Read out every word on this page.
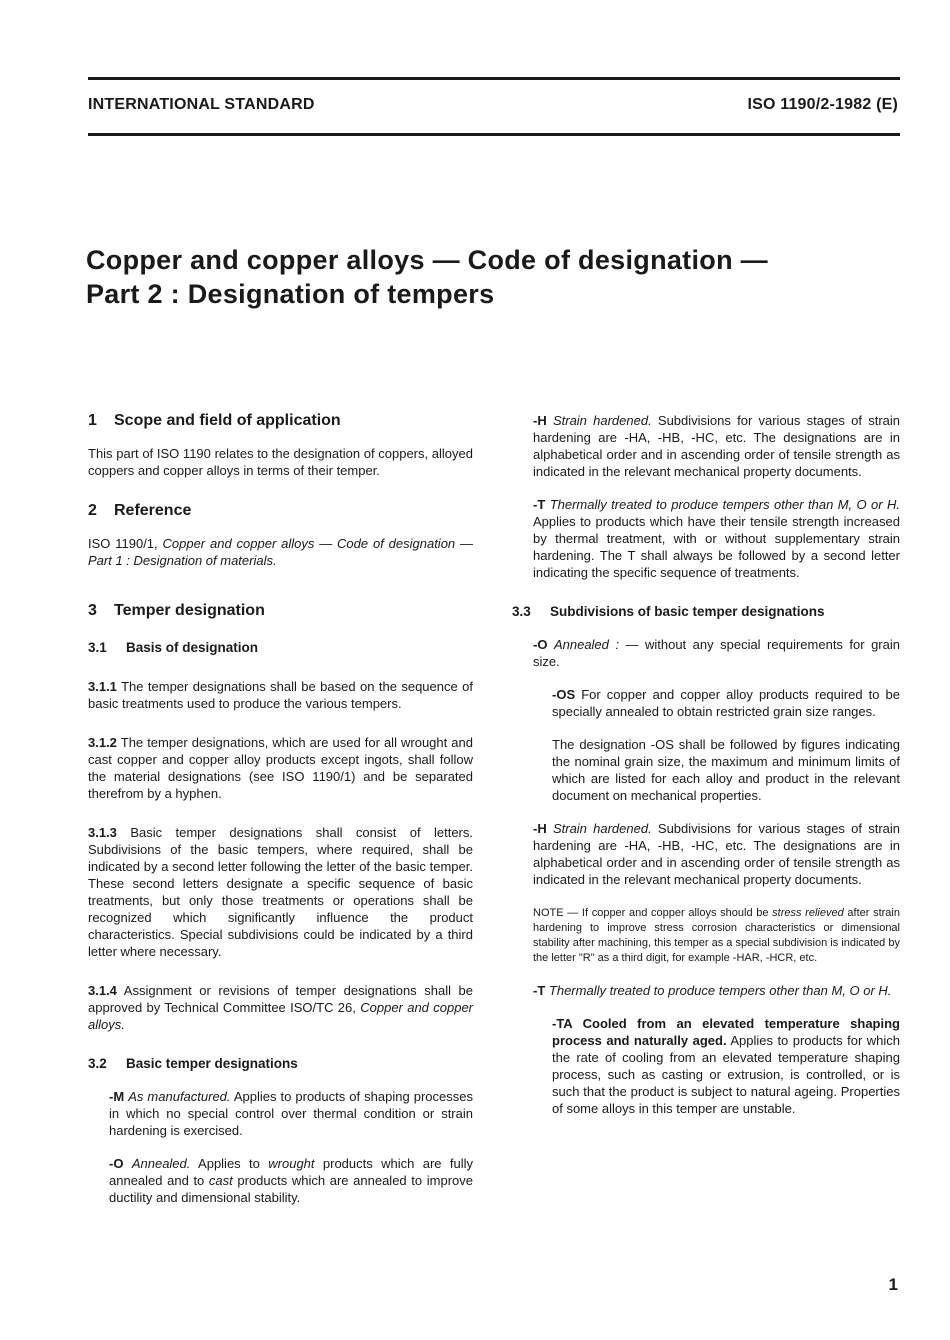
INTERNATIONAL STANDARD	ISO 1190/2-1982 (E)
Copper and copper alloys — Code of designation —
Part 2 : Designation of tempers
1 Scope and field of application

This part of ISO 1190 relates to the designation of coppers, alloyed coppers and copper alloys in terms of their temper.

2 Reference

ISO 1190/1, Copper and copper alloys — Code of designation — Part 1 : Designation of materials.

3 Temper designation
3.1 Basis of designation

3.1.1 The temper designations shall be based on the sequence of basic treatments used to produce the various tempers.

3.1.2 The temper designations, which are used for all wrought and cast copper and copper alloy products except ingots, shall follow the material designations (see ISO 1190/1) and be separated therefrom by a hyphen.

3.1.3 Basic temper designations shall consist of letters. Subdivisions of the basic tempers, where required, shall be indicated by a second letter following the letter of the basic temper. These second letters designate a specific sequence of basic treatments, but only those treatments or operations shall be recognized which significantly influence the product characteristics. Special subdivisions could be indicated by a third letter where necessary.

3.1.4 Assignment or revisions of temper designations shall be approved by Technical Committee ISO/TC 26, Copper and copper alloys.

3.2 Basic temper designations

-M As manufactured. Applies to products of shaping processes in which no special control over thermal condition or strain hardening is exercised.

-O Annealed. Applies to wrought products which are fully annealed and to cast products which are annealed to improve ductility and dimensional stability.

-H Strain hardened. Subdivisions for various stages of strain hardening are -HA, -HB, -HC, etc. The designations are in alphabetical order and in ascending order of tensile strength as indicated in the relevant mechanical property documents.

-T Thermally treated to produce tempers other than M, O or H. Applies to products which have their tensile strength increased by thermal treatment, with or without supplementary strain hardening. The T shall always be followed by a second letter indicating the specific sequence of treatments.

3.3 Subdivisions of basic temper designations

-O Annealed : — without any special requirements for grain size.

-OS For copper and copper alloy products required to be specially annealed to obtain restricted grain size ranges.

The designation -OS shall be followed by figures indicating the nominal grain size, the maximum and minimum limits of which are listed for each alloy and product in the relevant document on mechanical properties.

-H Strain hardened. Subdivisions for various stages of strain hardening are -HA, -HB, -HC, etc. The designations are in alphabetical order and in ascending order of tensile strength as indicated in the relevant mechanical property documents.

NOTE — If copper and copper alloys should be stress relieved after strain hardening to improve stress corrosion characteristics or dimensional stability after machining, this temper as a special subdivision is indicated by the letter "R" as a third digit, for example -HAR, -HCR, etc.

-T Thermally treated to produce tempers other than M, O or H.

-TA Cooled from an elevated temperature shaping process and naturally aged. Applies to products for which the rate of cooling from an elevated temperature shaping process, such as casting or extrusion, is controlled, or is such that the product is subject to natural ageing. Properties of some alloys in this temper are unstable.

1
